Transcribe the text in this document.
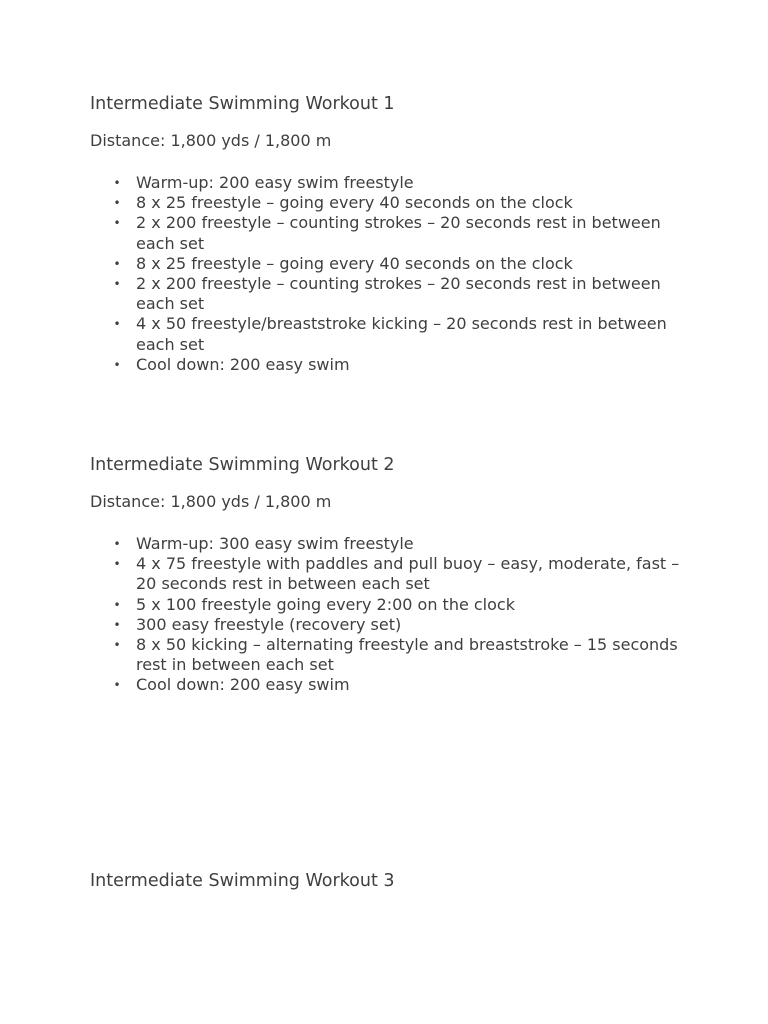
Intermediate Swimming Workout 1

Distance: 1,800 yds / 1,800 m

• Warm-up: 200 easy swim freestyle
• 8 x 25 freestyle – going every 40 seconds on the clock
• 2 x 200 freestyle – counting strokes – 20 seconds rest in between each set
• 8 x 25 freestyle – going every 40 seconds on the clock
• 2 x 200 freestyle – counting strokes – 20 seconds rest in between each set
• 4 x 50 freestyle/breaststroke kicking – 20 seconds rest in between each set
• Cool down: 200 easy swim
Intermediate Swimming Workout 2

Distance: 1,800 yds / 1,800 m

• Warm-up: 300 easy swim freestyle
• 4 x 75 freestyle with paddles and pull buoy – easy, moderate, fast – 20 seconds rest in between each set
• 5 x 100 freestyle going every 2:00 on the clock
• 300 easy freestyle (recovery set)
• 8 x 50 kicking – alternating freestyle and breaststroke – 15 seconds rest in between each set
• Cool down: 200 easy swim
Intermediate Swimming Workout 3
